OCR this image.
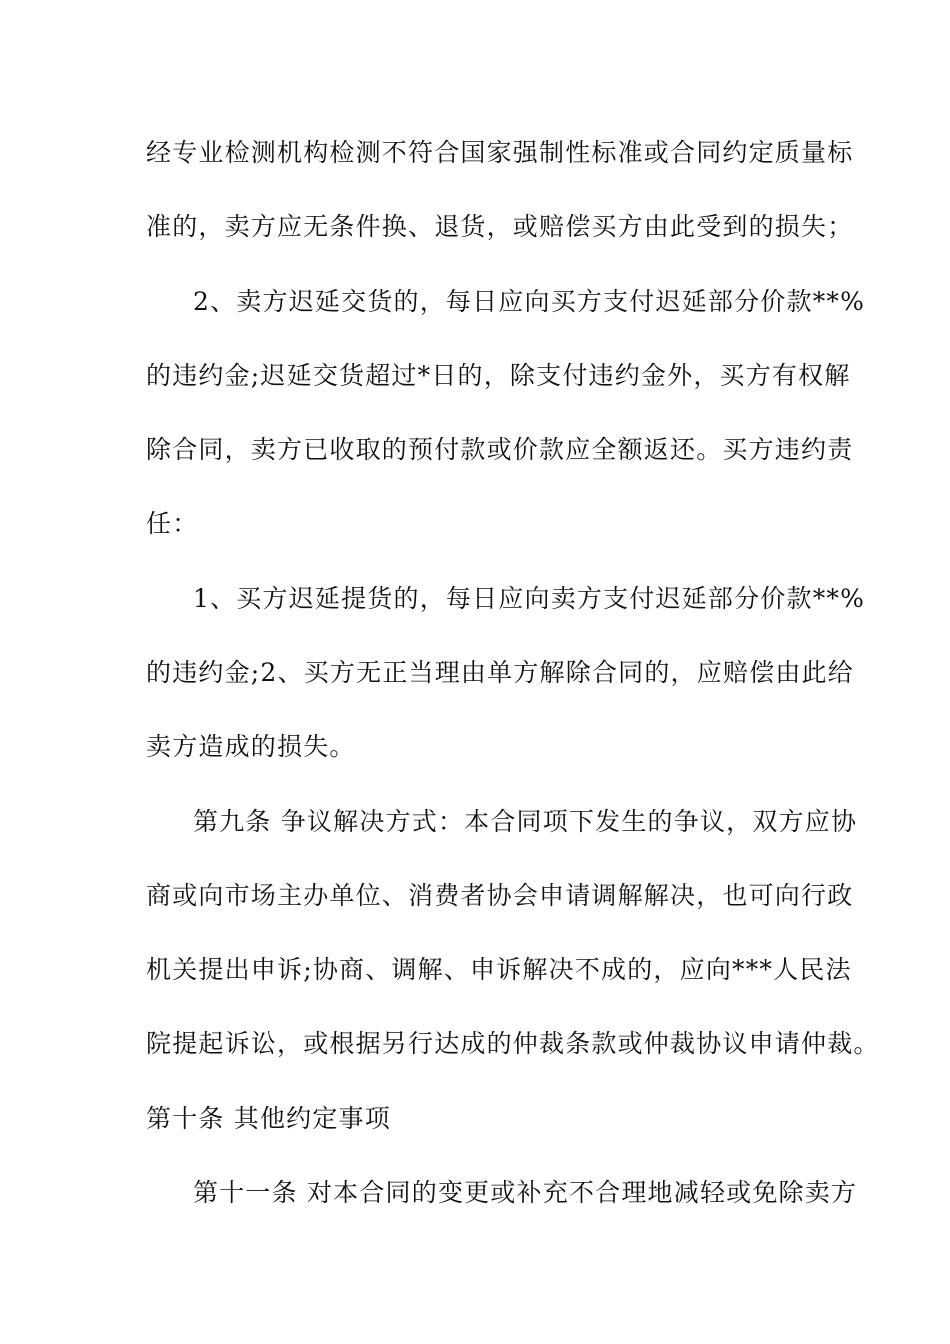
经专业检测机构检测不符合国家强制性标准或合同约定质量标
准的，卖方应无条件换、退货，或赔偿买方由此受到的损失；
2、卖方迟延交货的，每日应向买方支付迟延部分价款**%
的违约金;迟延交货超过*日的，除支付违约金外，买方有权解
除合同，卖方已收取的预付款或价款应全额返还。买方违约责
任：
1、买方迟延提货的，每日应向卖方支付迟延部分价款**%
的违约金;2、买方无正当理由单方解除合同的，应赔偿由此给
卖方造成的损失。
第九条 争议解决方式：本合同项下发生的争议，双方应协
商或向市场主办单位、消费者协会申请调解解决，也可向行政
机关提出申诉;协商、调解、申诉解决不成的，应向***人民法
院提起诉讼，或根据另行达成的仲裁条款或仲裁协议申请仲裁。
第十条 其他约定事项
第十一条 对本合同的变更或补充不合理地减轻或免除卖方
